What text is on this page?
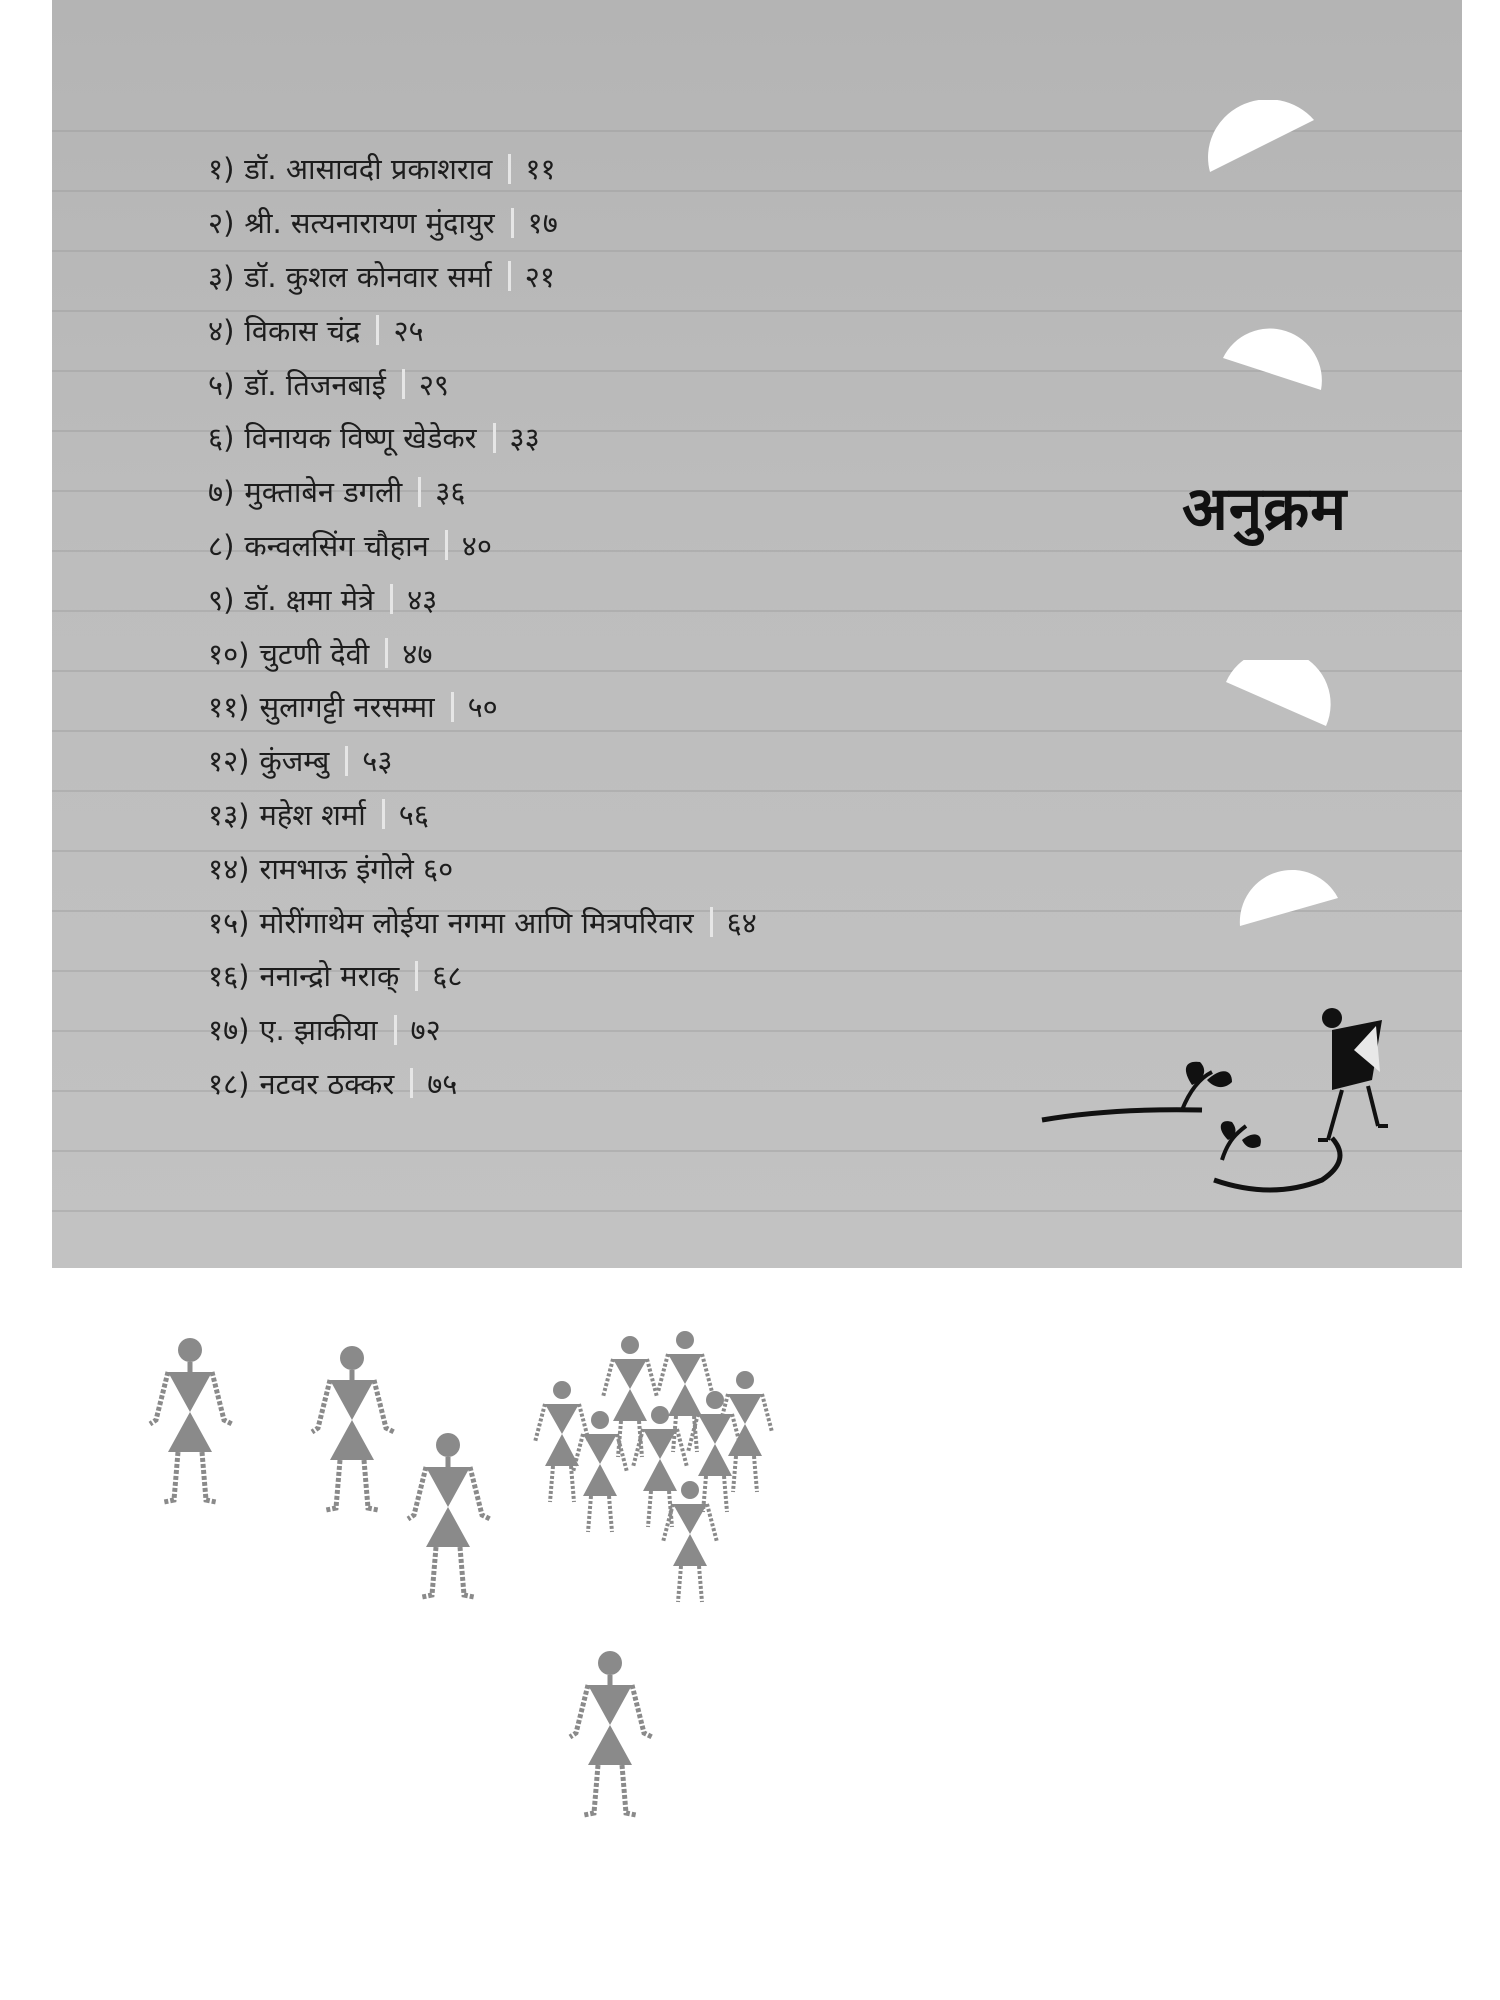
१) डॉ. आसावदी प्रकाशराव ११
२) श्री. सत्यनारायण मुंदायुर १७
३) डॉ. कुशल कोनवार सर्मा २१
४) विकास चंद्र २५
५) डॉ. तिजनबाई २९
६) विनायक विष्णू खेडेकर ३३
७) मुक्ताबेन डगली ३६
८) कन्वलसिंग चौहान ४०
९) डॉ. क्षमा मेत्रे ४३
१०) चुटणी देवी ४७
११) सुलागट्टी नरसम्मा ५०
१२) कुंजम्बु ५३
१३) महेश शर्मा ५६
१४) रामभाऊ इंगोले ६०
१५) मोरींगाथेम लोईया नगमा आणि मित्रपरिवार ६४
१६) ननान्द्रो मराक् ६८
१७) ए. झाकीया ७२
१८) नटवर ठक्कर ७५
अनुक्रम
